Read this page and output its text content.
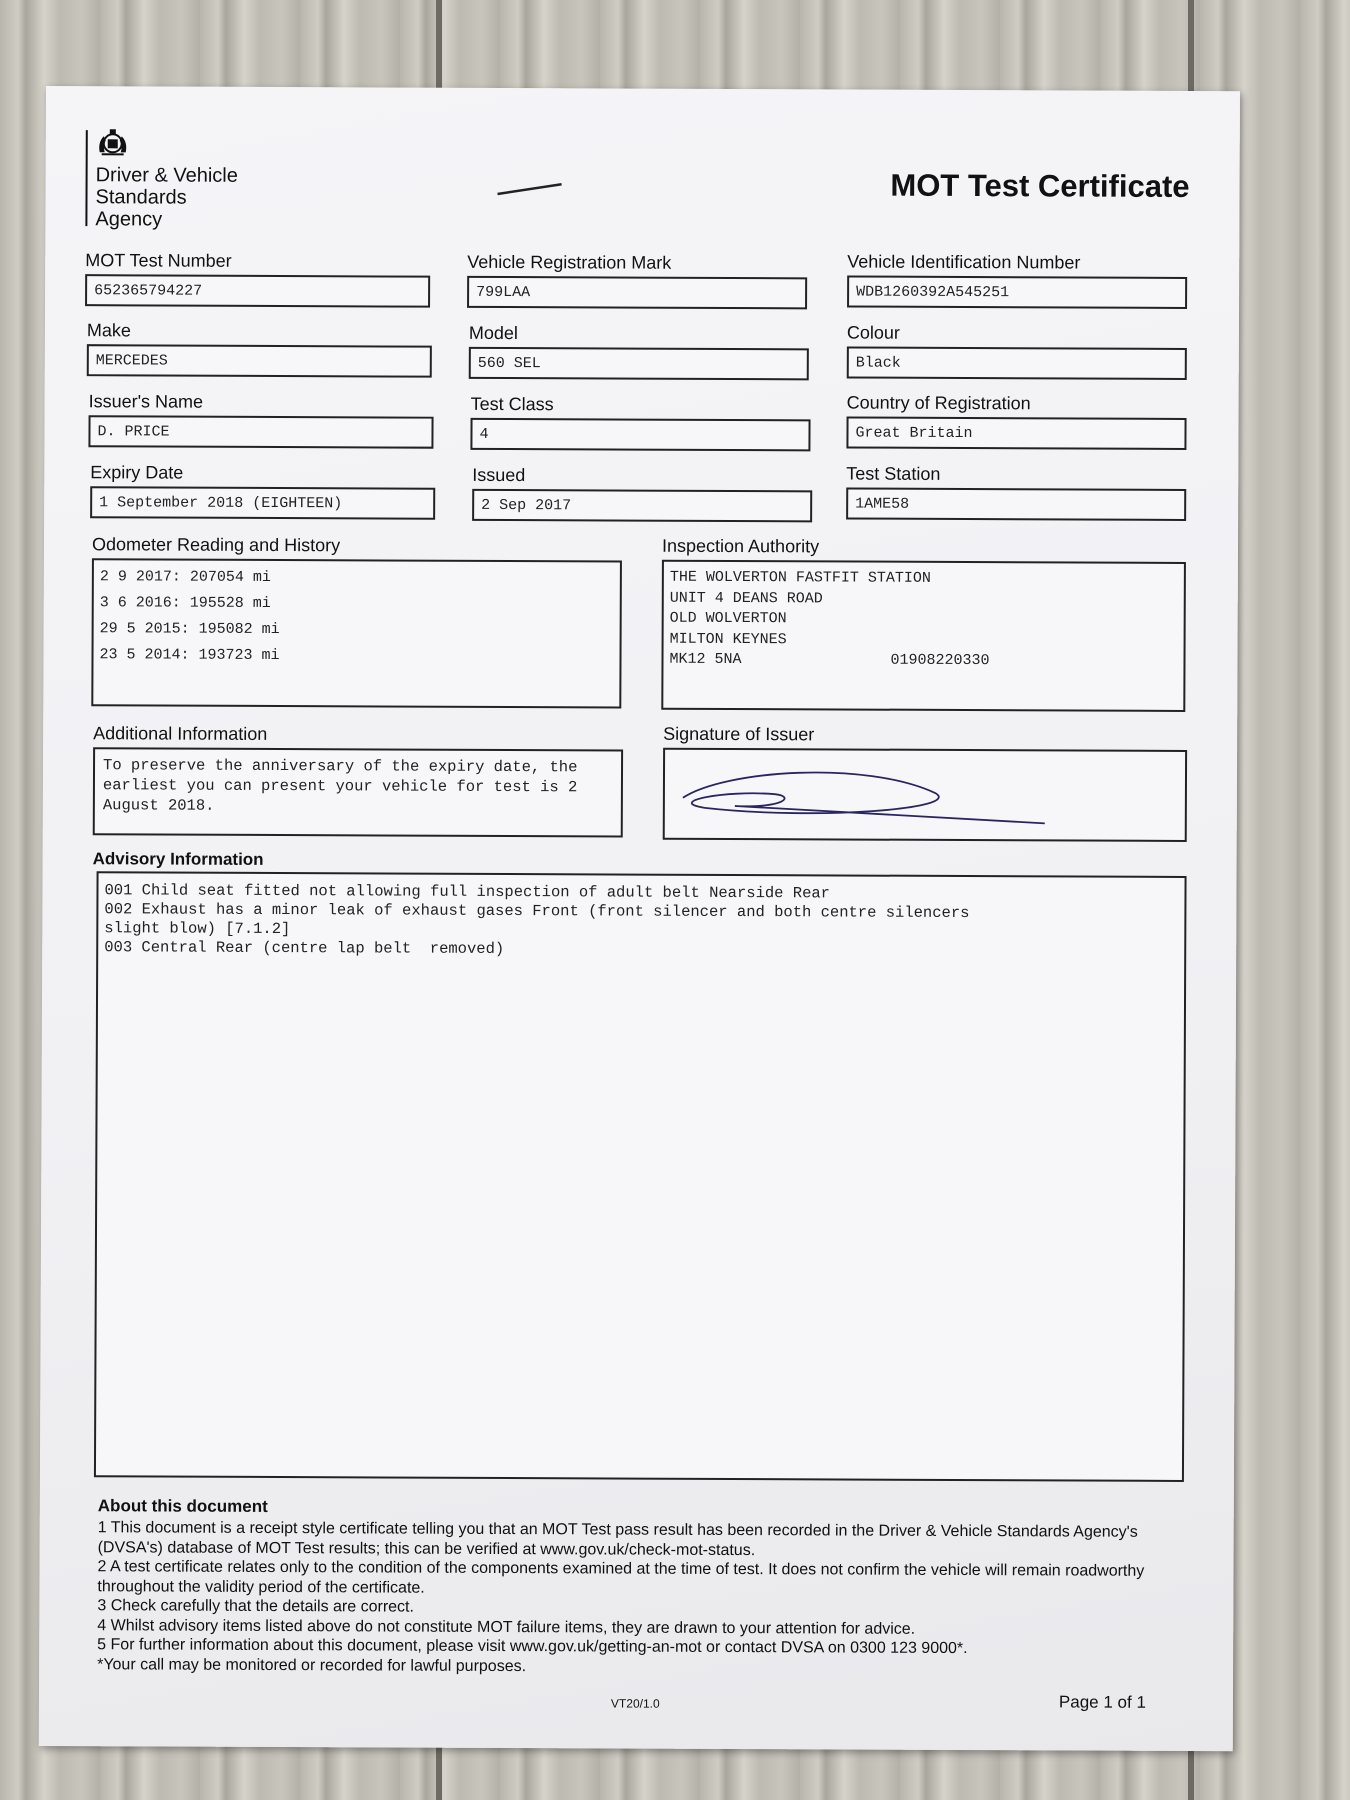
Driver & Vehicle
Standards
Agency
MOT Test Certificate
MOT Test Number
652365794227
Vehicle Registration Mark
799LAA
Vehicle Identification Number
WDB1260392A545251
Make
MERCEDES
Model
560 SEL
Colour
Black
Issuer's Name
D. PRICE
Test Class
4
Country of Registration
Great Britain
Expiry Date
1 September 2018 (EIGHTEEN)
Issued
2 Sep 2017
Test Station
1AME58
Odometer Reading and History
2 9 2017: 207054 mi
3 6 2016: 195528 mi
29 5 2015: 195082 mi
23 5 2014: 193723 mi
Inspection Authority
THE WOLVERTON FASTFIT STATION
UNIT 4 DEANS ROAD
OLD WOLVERTON
MILTON KEYNES
MK12 5NA	01908220330
Additional Information
To preserve the anniversary of the expiry date, the earliest you can present your vehicle for test is 2 August 2018.
Signature of Issuer
Advisory Information
001 Child seat fitted not allowing full inspection of adult belt Nearside Rear
002 Exhaust has a minor leak of exhaust gases Front (front silencer and both centre silencers
slight blow) [7.1.2]
003 Central Rear (centre lap belt  removed)
About this document
1 This document is a receipt style certificate telling you that an MOT Test pass result has been recorded in the Driver & Vehicle Standards Agency's (DVSA's) database of MOT Test results; this can be verified at www.gov.uk/check-mot-status.
2 A test certificate relates only to the condition of the components examined at the time of test. It does not confirm the vehicle will remain roadworthy throughout the validity period of the certificate.
3 Check carefully that the details are correct.
4 Whilst advisory items listed above do not constitute MOT failure items, they are drawn to your attention for advice.
5 For further information about this document, please visit www.gov.uk/getting-an-mot or contact DVSA on 0300 123 9000*.
*Your call may be monitored or recorded for lawful purposes.
VT20/1.0	Page 1 of 1
